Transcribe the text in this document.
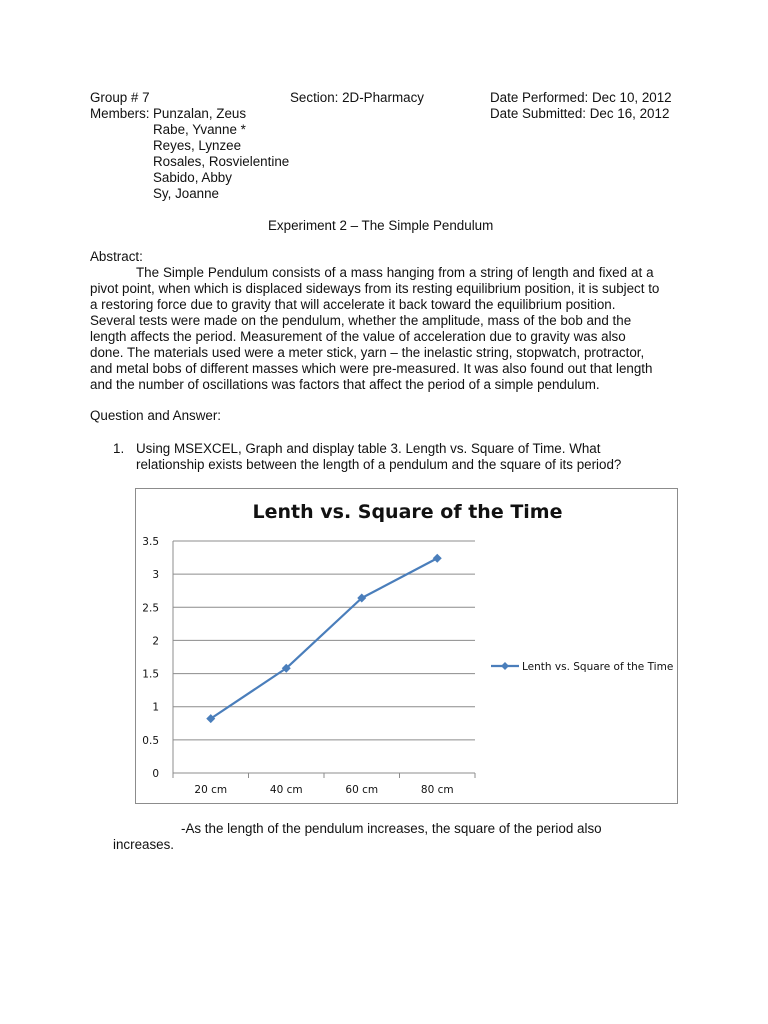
Group # 7	Section: 2D-Pharmacy	Date Performed: Dec 10, 2012
Members: Punzalan, Zeus	Date Submitted: Dec 16, 2012
Rabe, Yvanne *
Reyes, Lynzee
Rosales, Rosvielentine
Sabido, Abby
Sy, Joanne
Experiment 2 – The Simple Pendulum
Abstract:
The Simple Pendulum consists of a mass hanging from a string of length and fixed at a
pivot point, when which is displaced sideways from its resting equilibrium position, it is subject to
a restoring force due to gravity that will accelerate it back toward the equilibrium position.
Several tests were made on the pendulum, whether the amplitude, mass of the bob and the
length affects the period. Measurement of the value of acceleration due to gravity was also
done. The materials used were a meter stick, yarn – the inelastic string, stopwatch, protractor,
and metal bobs of different masses which were pre-measured. It was also found out that length
and the number of oscillations was factors that affect the period of a simple pendulum.
Question and Answer:
1. Using MSEXCEL, Graph and display table 3. Length vs. Square of Time. What
relationship exists between the length of a pendulum and the square of its period?
Lenth vs. Square of the Time
0
0.5
1
1.5
2
2.5
3
3.5
20 cm	40 cm	60 cm	80 cm
Lenth vs. Square of the Time
-As the length of the pendulum increases, the square of the period also
increases.
